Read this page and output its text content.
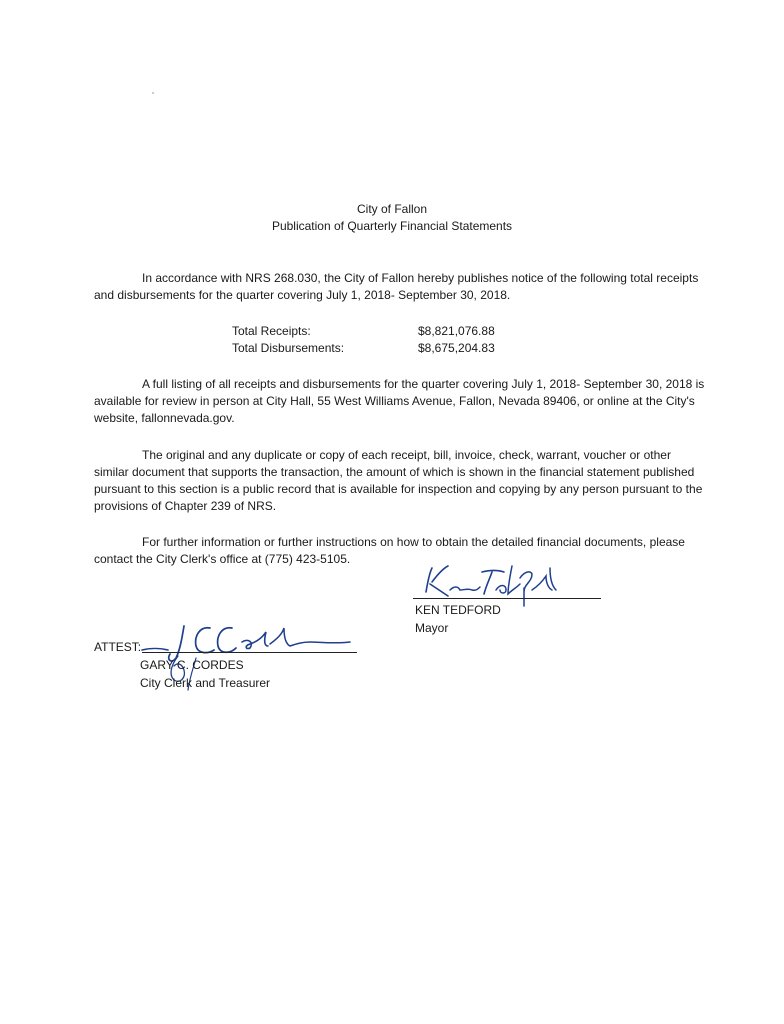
City of Fallon
Publication of Quarterly Financial Statements
In accordance with NRS 268.030, the City of Fallon hereby publishes notice of the following total receipts and disbursements for the quarter covering July 1, 2018- September 30, 2018.
Total Receipts:	$8,821,076.88
Total Disbursements:	$8,675,204.83
A full listing of all receipts and disbursements for the quarter covering July 1, 2018- September 30, 2018 is available for review in person at City Hall, 55 West Williams Avenue, Fallon, Nevada 89406, or online at the City's website, fallonnevada.gov.
The original and any duplicate or copy of each receipt, bill, invoice, check, warrant, voucher or other similar document that supports the transaction, the amount of which is shown in the financial statement published pursuant to this section is a public record that is available for inspection and copying by any person pursuant to the provisions of Chapter 239 of NRS.
For further information or further instructions on how to obtain the detailed financial documents, please contact the City Clerk's office at (775) 423-5105.
KEN TEDFORD
Mayor
ATTEST:
GARY C. CORDES
City Clerk and Treasurer
